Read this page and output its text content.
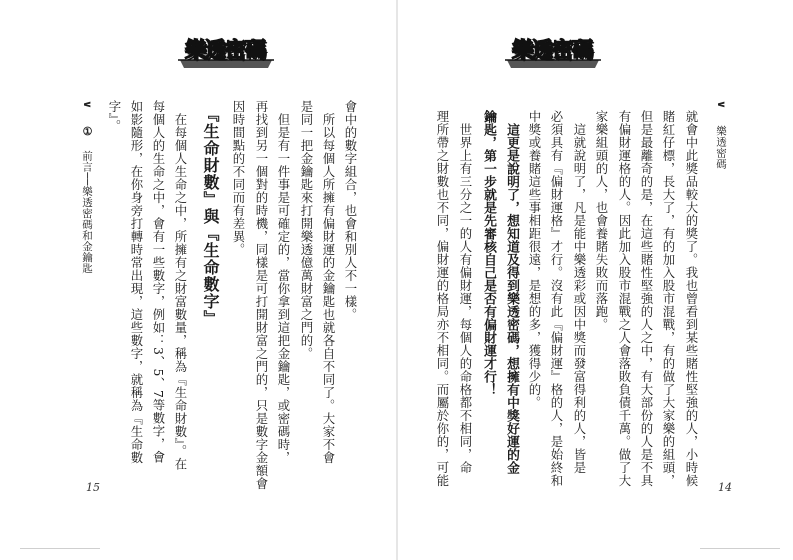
樂透密碼
∨  樂透密碼
就會中此獎品較大的獎了。我也曾看到某些賭性堅強的人，小時候
賭紅仔標，長大了，有的加入股市混戰，有的做了大家樂的組頭，
但是最離奇的是，在這些賭性堅強的人之中，有大部份的人是不具
有偏財運格的人。因此加入股市混戰之人會落敗負債千萬。做了大
家樂組頭的人，也會養賭失敗而落跑。
　這就說明了，凡是能中樂透彩或因中獎而發富得利的人，皆是
必須具有『偏財運格』才行。沒有此『偏財運』格的人，是始終和
中獎或養賭這些事相距很遠，是想的多，獲得少的。
　這更是說明了，想知道及得到樂透密碼，想擁有中獎好運的金
鑰匙，第一步就是先審核自己是否有偏財運才行！
　世界上有三分之一的人有偏財運，每個人的命格都不相同，命
理所帶之財數也不同，偏財運的格局亦不相同。而屬於你的，可能
14
樂透密碼
∨  ①  前言──樂透密碼和金鑰匙	會中的數字組合，也會和別人不一樣。
　所以每個人所擁有偏財運的金鑰匙也就各自不同了。大家不會
是同一把金鑰匙來打開樂透億萬財富之門的。
　但是有一件事是可確定的，當你拿到這把金鑰匙，或密碼時，
再找到另一個對的時機，同樣是可打開財富之門的，只是數字金額會
因時間點的不同而有差異。
『生命財數』與『生命數字』
　在每個人生命之中，所擁有之財富數量，稱為『生命財數』。在
每個人的生命之中，會有一些數字，例如：3、5、7等數字，會
如影隨形，在你身旁打轉時常出現，這些數字，就稱為『生命數
字』。
15
